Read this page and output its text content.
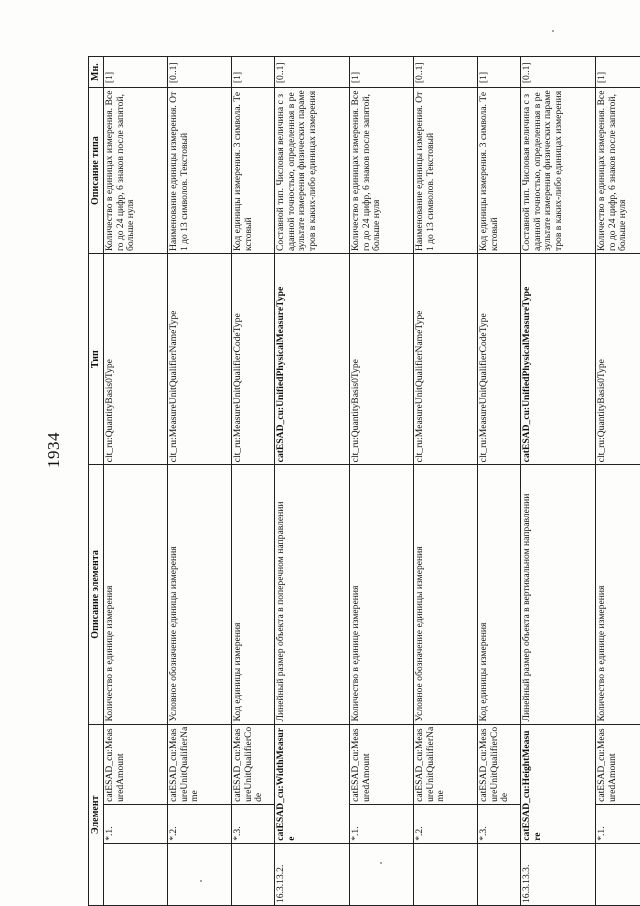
1934
Элемент			Описание элемента	Тип	Описание типа	Мн.
	*.1.	catESAD_cu:MeasuredAmount	Количество в единице измерения	clt_ru:QuantityBasis0Type	Количество в единицах измерения. Всего до 24 цифр, 6 знаков после запятой, больше нуля	[1]
	*.2.	catESAD_cu:MeasureUnitQualifierName	Условное обозначение единицы измерения	clt_ru:MeasureUnitQualifierNameType	Наименование единицы измерения. От 1 до 13 символов. Текстовый	[0..1]
	*.3.	catESAD_cu:MeasureUnitQualifierCode	Код единицы измерения	clt_ru:MeasureUnitQualifierCodeType	Код единицы измерения. 3 символа. Текстовый	[1]
16.3.13.2.	catESAD_cu:WidthMeasure		Линейный размер объекта в поперечном направлении	catESAD_cu:UnifiedPhysicalMeasureType	Составной тип. Числовая величина с заданной точностью, определенная в результате измерения физических параметров в каких-либо единицах измерения	[0..1]
	*.1.	catESAD_cu:MeasuredAmount	Количество в единице измерения	clt_ru:QuantityBasis0Type	Количество в единицах измерения. Всего до 24 цифр, 6 знаков после запятой, больше нуля	[1]
	*.2.	catESAD_cu:MeasureUnitQualifierName	Условное обозначение единицы измерения	clt_ru:MeasureUnitQualifierNameType	Наименование единицы измерения. От 1 до 13 символов. Текстовый	[0..1]
	*.3.	catESAD_cu:MeasureUnitQualifierCode	Код единицы измерения	clt_ru:MeasureUnitQualifierCodeType	Код единицы измерения. 3 символа. Текстовый	[1]
16.3.13.3.	catESAD_cu:HeightMeasure		Линейный размер объекта в вертикальном направлении	catESAD_cu:UnifiedPhysicalMeasureType	Составной тип. Числовая величина с заданной точностью, определенная в результате измерения физических параметров в каких-либо единицах измерения	[0..1]
	*.1.	catESAD_cu:MeasuredAmount	Количество в единице измерения	clt_ru:QuantityBasis0Type	Количество в единицах измерения. Всего до 24 цифр, 6 знаков после запятой, больше нуля	[1]
